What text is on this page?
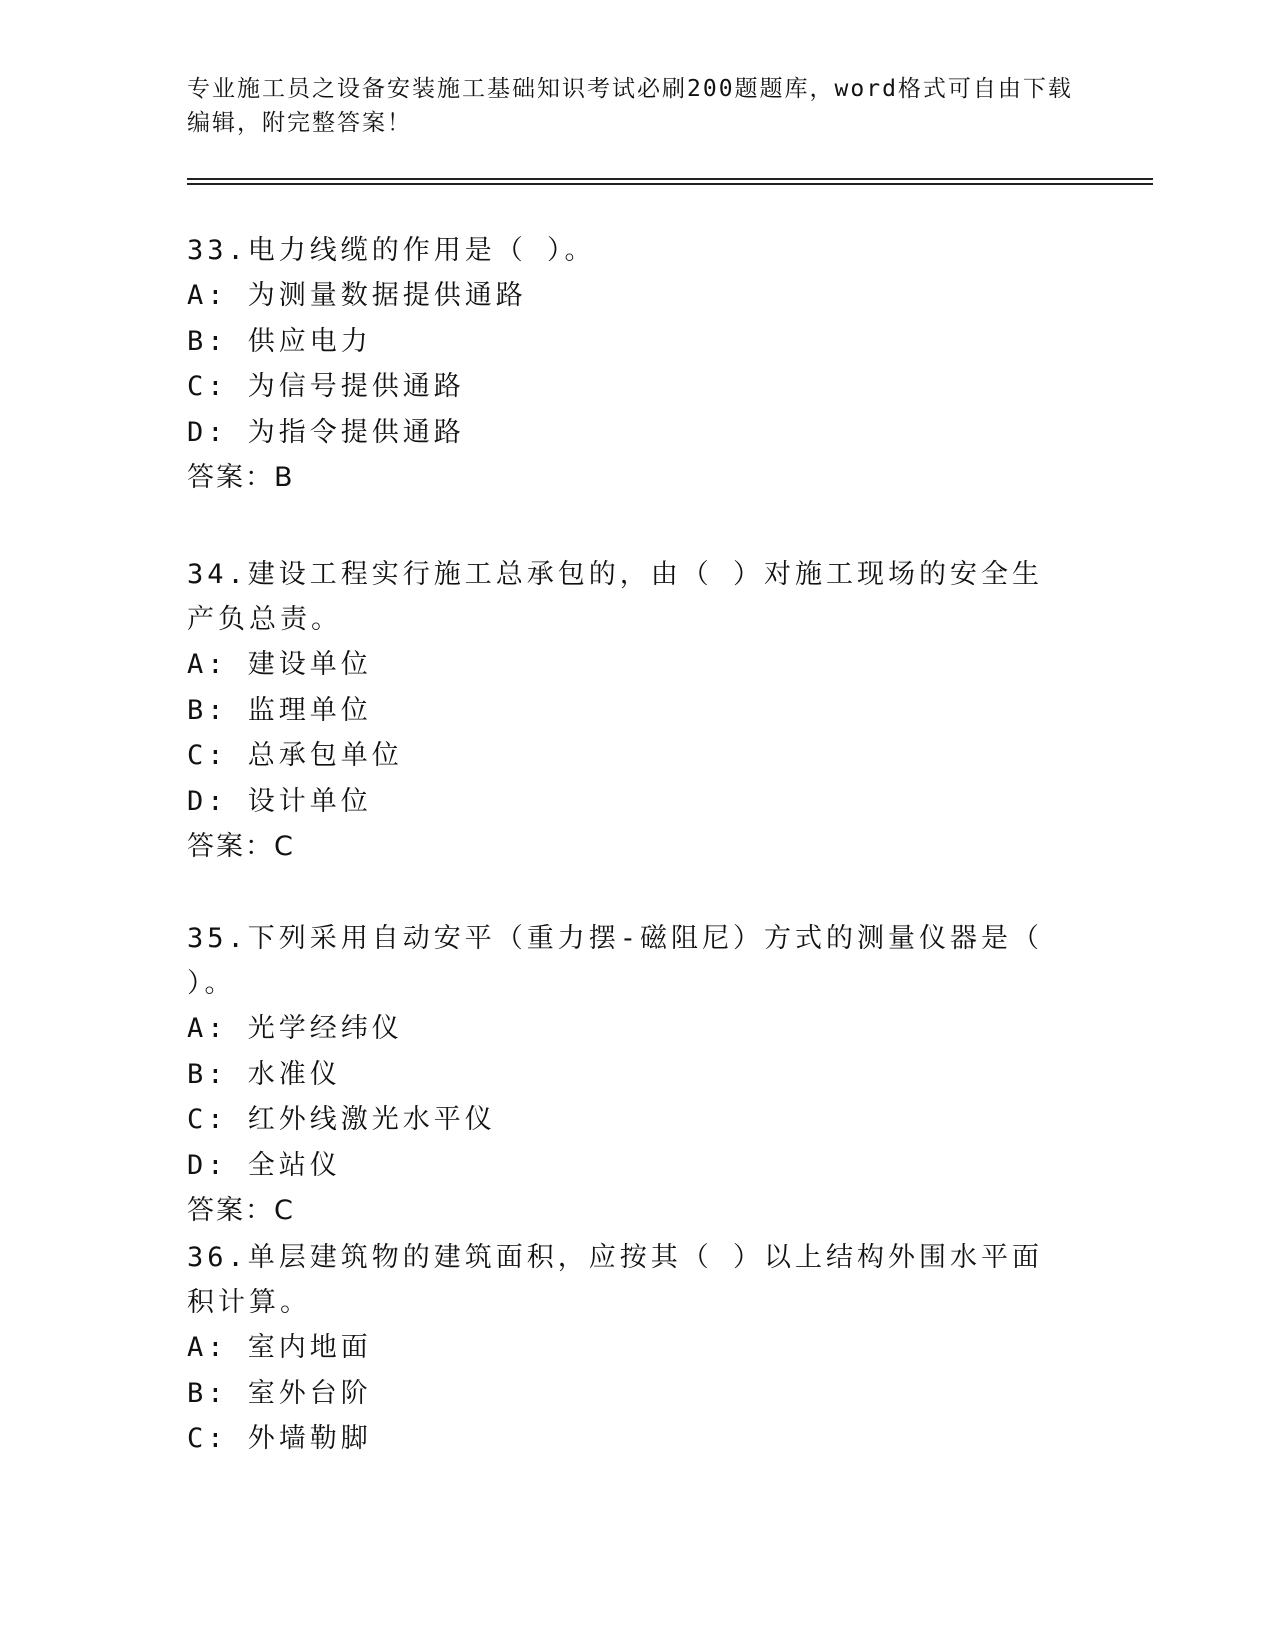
专业施工员之设备安装施工基础知识考试必刷200题题库，word格式可自由下载编辑，附完整答案！

33.电力线缆的作用是（ ）。

A: 为测量数据提供通路

B: 供应电力

C: 为信号提供通路

D: 为指令提供通路

答案：B

34.建设工程实行施工总承包的，由（ ）对施工现场的安全生产负总责。

A: 建设单位

B: 监理单位

C: 总承包单位

D: 设计单位

答案：C

35.下列采用自动安平（重力摆-磁阻尼）方式的测量仪器是（ ）。

A: 光学经纬仪

B: 水准仪

C: 红外线激光水平仪

D: 全站仪

答案：C

36.单层建筑物的建筑面积，应按其（ ）以上结构外围水平面积计算。

A: 室内地面

B: 室外台阶

C: 外墙勒脚
